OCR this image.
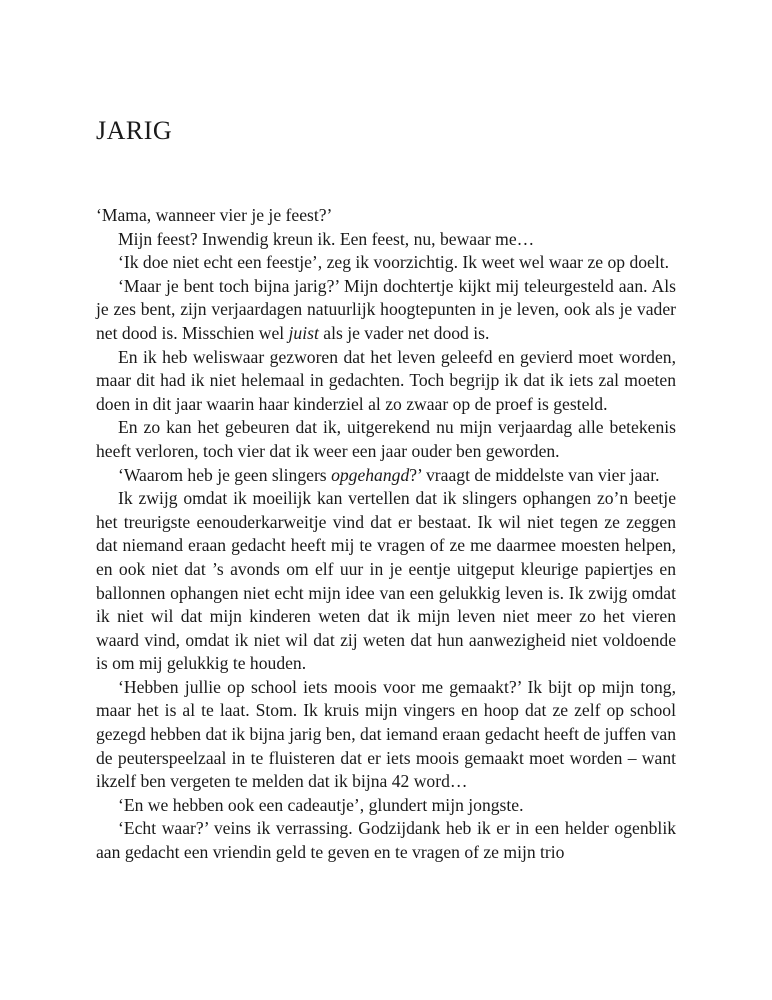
JARIG

‘Mama, wanneer vier je je feest?’

Mijn feest? Inwendig kreun ik. Een feest, nu, bewaar me…

‘Ik doe niet echt een feestje’, zeg ik voorzichtig. Ik weet wel waar ze op doelt.

‘Maar je bent toch bijna jarig?’ Mijn dochtertje kijkt mij teleurgesteld aan. Als je zes bent, zijn verjaardagen natuurlijk hoogtepunten in je leven, ook als je vader net dood is. Misschien wel juist als je vader net dood is.

En ik heb weliswaar gezworen dat het leven geleefd en gevierd moet worden, maar dit had ik niet helemaal in gedachten. Toch begrijp ik dat ik iets zal moeten doen in dit jaar waarin haar kinderziel al zo zwaar op de proef is gesteld.

En zo kan het gebeuren dat ik, uitgerekend nu mijn verjaardag alle betekenis heeft verloren, toch vier dat ik weer een jaar ouder ben geworden.

‘Waarom heb je geen slingers opgehangd?’ vraagt de middelste van vier jaar.

Ik zwijg omdat ik moeilijk kan vertellen dat ik slingers ophangen zo’n beetje het treurigste eenouderkarweitje vind dat er bestaat. Ik wil niet tegen ze zeggen dat niemand eraan gedacht heeft mij te vragen of ze me daarmee moesten helpen, en ook niet dat ’s avonds om elf uur in je eentje uitgeput kleurige papiertjes en ballonnen ophangen niet echt mijn idee van een gelukkig leven is. Ik zwijg omdat ik niet wil dat mijn kinderen weten dat ik mijn leven niet meer zo het vieren waard vind, omdat ik niet wil dat zij weten dat hun aanwezigheid niet voldoende is om mij gelukkig te houden.

‘Hebben jullie op school iets moois voor me gemaakt?’ Ik bijt op mijn tong, maar het is al te laat. Stom. Ik kruis mijn vingers en hoop dat ze zelf op school gezegd hebben dat ik bijna jarig ben, dat iemand eraan gedacht heeft de juffen van de peuterspeelzaal in te fluisteren dat er iets moois gemaakt moet worden – want ikzelf ben vergeten te melden dat ik bijna 42 word…

‘En we hebben ook een cadeautje’, glundert mijn jongste.

‘Echt waar?’ veins ik verrassing. Godzijdank heb ik er in een helder ogenblik aan gedacht een vriendin geld te geven en te vragen of ze mijn trio
